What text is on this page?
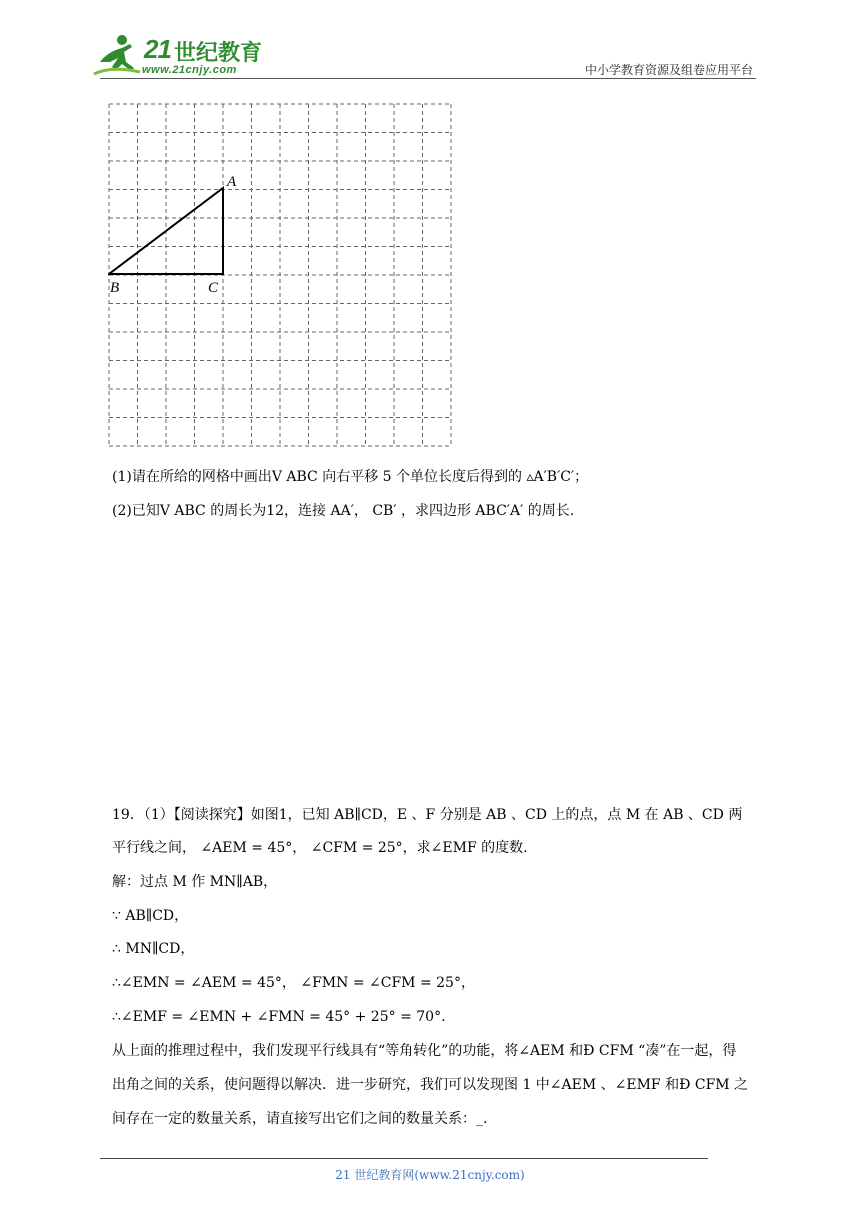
21 世纪教育
www.21cnjy.com	中小学教育资源及组卷应用平台
A
B	C
(1)请在所给的网格中画出V ABC 向右平移 5 个单位长度后得到的 ▵A′B′C′；
(2)已知V ABC 的周长为12，连接 AA′， CB′ ，求四边形 ABC′A′ 的周长.
19．（1）【阅读探究】如图1，已知 AB∥CD，E 、F 分别是 AB 、CD 上的点，点 M 在 AB 、CD 两
平行线之间， ∠AEM = 45°， ∠CFM = 25°，求∠EMF 的度数.
解：过点 M 作 MN∥AB，
∵ AB∥CD，
∴ MN∥CD，
∴∠EMN = ∠AEM = 45°， ∠FMN = ∠CFM = 25°，
∴∠EMF = ∠EMN + ∠FMN = 45° + 25° = 70°.
从上面的推理过程中，我们发现平行线具有“等角转化”的功能，将∠AEM 和Ð CFM “凑”在一起，得
出角之间的关系，使问题得以解决．进一步研究，我们可以发现图 1 中∠AEM 、∠EMF 和Ð CFM 之
间存在一定的数量关系，请直接写出它们之间的数量关系：_.
21 世纪教育网(www.21cnjy.com)
